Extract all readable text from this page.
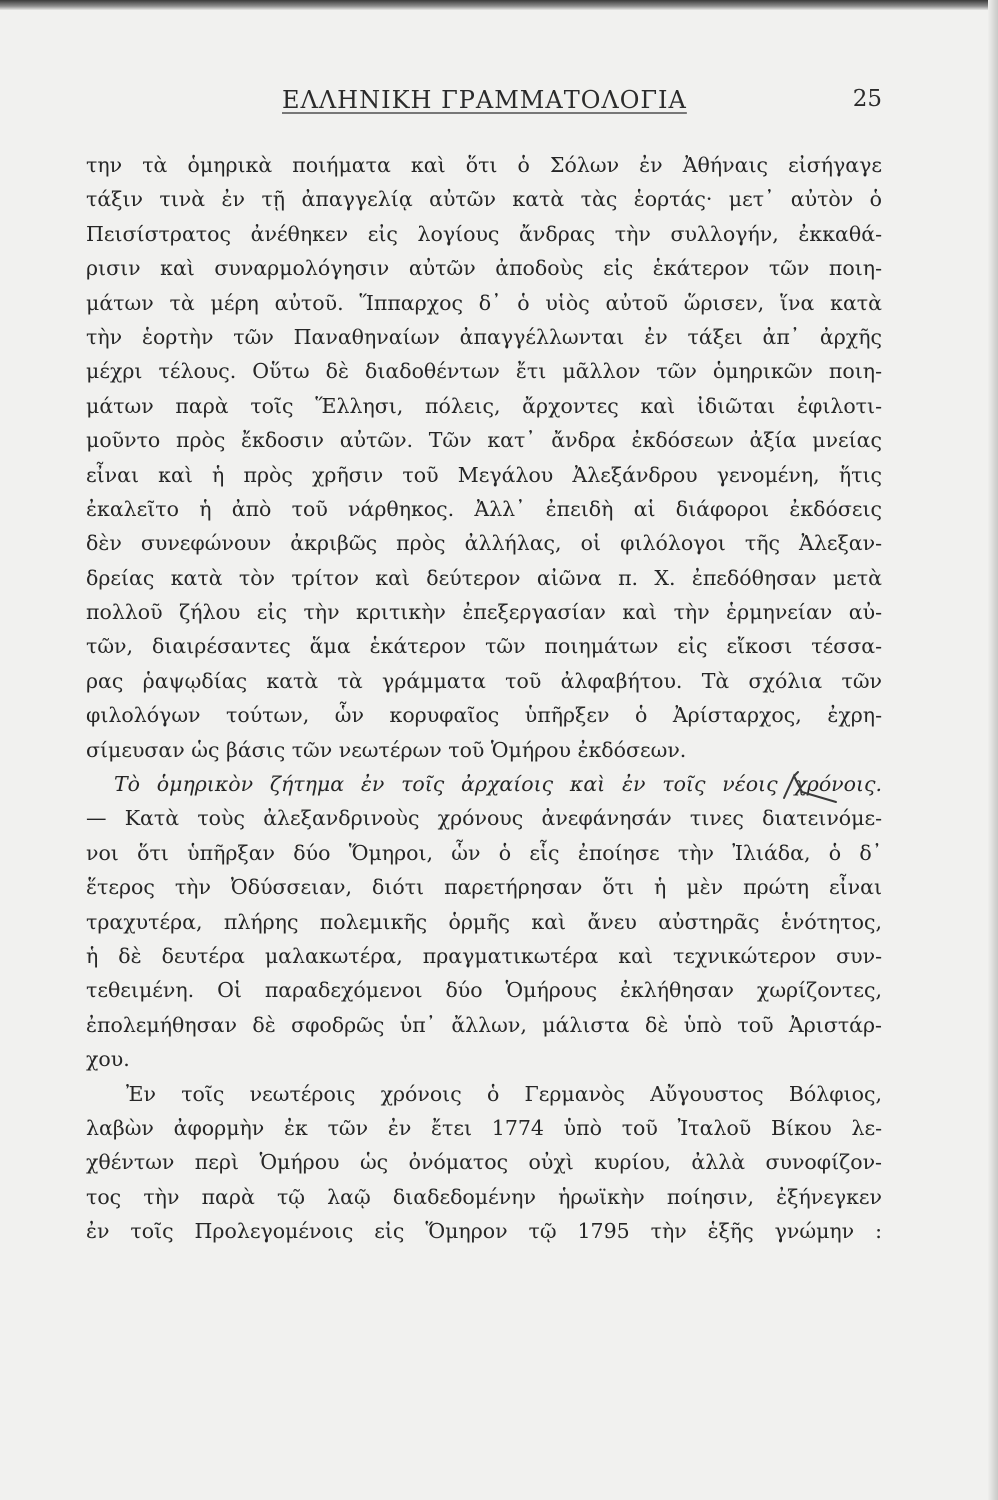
ΕΛΛΗΝΙΚΗ ΓΡΑΜΜΑΤΟΛΟΓΙΑ	25
την τὰ ὁμηρικὰ ποιήματα καὶ ὅτι ὁ Σόλων ἐν Ἀθήναις εἰσήγαγε
τάξιν τινὰ ἐν τῇ ἀπαγγελίᾳ αὐτῶν κατὰ τὰς ἑορτάς· μετ᾽ αὐτὸν ὁ
Πεισίστρατος ἀνέθηκεν εἰς λογίους ἄνδρας τὴν συλλογήν, ἐκκαθά-
ρισιν καὶ συναρμολόγησιν αὐτῶν ἀποδοὺς εἰς ἑκάτερον τῶν ποιη-
μάτων τὰ μέρη αὐτοῦ. Ἵππαρχος δ᾽ ὁ υἱὸς αὐτοῦ ὥρισεν, ἵνα κατὰ
τὴν ἑορτὴν τῶν Παναθηναίων ἀπαγγέλλωνται ἐν τάξει ἀπ᾽ ἀρχῆς
μέχρι τέλους. Οὕτω δὲ διαδοθέντων ἔτι μᾶλλον τῶν ὁμηρικῶν ποιη-
μάτων παρὰ τοῖς Ἕλλησι, πόλεις, ἄρχοντες καὶ ἰδιῶται ἐφιλοτι-
μοῦντο πρὸς ἔκδοσιν αὐτῶν. Τῶν κατ᾽ ἄνδρα ἐκδόσεων ἀξία μνείας
εἶναι καὶ ἡ πρὸς χρῆσιν τοῦ Μεγάλου Ἀλεξάνδρου γενομένη, ἥτις
ἐκαλεῖτο ἡ ἀπὸ τοῦ νάρθηκος. Ἀλλ᾽ ἐπειδὴ αἱ διάφοροι ἐκδόσεις
δὲν συνεφώνουν ἀκριβῶς πρὸς ἀλλήλας, οἱ φιλόλογοι τῆς Ἀλεξαν-
δρείας κατὰ τὸν τρίτον καὶ δεύτερον αἰῶνα π. Χ. ἐπεδόθησαν μετὰ
πολλοῦ ζήλου εἰς τὴν κριτικὴν ἐπεξεργασίαν καὶ τὴν ἑρμηνείαν αὐ-
τῶν, διαιρέσαντες ἅμα ἑκάτερον τῶν ποιημάτων εἰς εἴκοσι τέσσα-
ρας ῥαψῳδίας κατὰ τὰ γράμματα τοῦ ἀλφαβήτου. Τὰ σχόλια τῶν
φιλολόγων τούτων, ὧν κορυφαῖος ὑπῆρξεν ὁ Ἀρίσταρχος, ἐχρη-
σίμευσαν ὡς βάσις τῶν νεωτέρων τοῦ Ὁμήρου ἐκδόσεων.
Τὸ ὁμηρικὸν ζήτημα ἐν τοῖς ἀρχαίοις καὶ ἐν τοῖς νέοις χρόνοις.
— Κατὰ τοὺς ἀλεξανδρινοὺς χρόνους ἀνεφάνησάν τινες διατεινόμε-
νοι ὅτι ὑπῆρξαν δύο Ὅμηροι, ὧν ὁ εἷς ἐποίησε τὴν Ἰλιάδα, ὁ δ᾽
ἕτερος τὴν Ὀδύσσειαν, διότι παρετήρησαν ὅτι ἡ μὲν πρώτη εἶναι
τραχυτέρα, πλήρης πολεμικῆς ὁρμῆς καὶ ἄνευ αὐστηρᾶς ἑνότητος,
ἡ δὲ δευτέρα μαλακωτέρα, πραγματικωτέρα καὶ τεχνικώτερον συν-
τεθειμένη. Οἱ παραδεχόμενοι δύο Ὁμήρους ἐκλήθησαν χωρίζοντες,
ἐπολεμήθησαν δὲ σφοδρῶς ὑπ᾽ ἄλλων, μάλιστα δὲ ὑπὸ τοῦ Ἀριστάρ-
χου.
Ἐν τοῖς νεωτέροις χρόνοις ὁ Γερμανὸς Αὔγουστος Βόλφιος,
λαβὼν ἀφορμὴν ἐκ τῶν ἐν ἔτει 1774 ὑπὸ τοῦ Ἰταλοῦ Βίκου λε-
χθέντων περὶ Ὁμήρου ὡς ὀνόματος οὐχὶ κυρίου, ἀλλὰ συνοφίζον-
τος τὴν παρὰ τῷ λαῷ διαδεδομένην ἡρωϊκὴν ποίησιν, ἐξήνεγκεν
ἐν τοῖς Προλεγομένοις εἰς Ὅμηρον τῷ 1795 τὴν ἑξῆς γνώμην :
